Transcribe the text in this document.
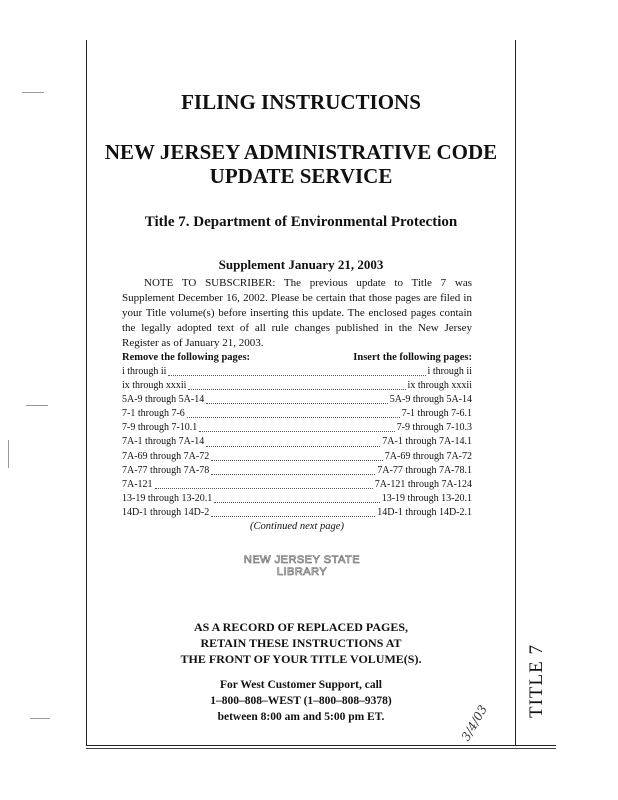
FILING INSTRUCTIONS
NEW JERSEY ADMINISTRATIVE CODE
UPDATE SERVICE
Title 7. Department of Environmental Protection
Supplement January 21, 2003
NOTE TO SUBSCRIBER: The previous update to Title 7 was Supplement December 16, 2002. Please be certain that those pages are filed in your Title volume(s) before inserting this update. The enclosed pages contain the legally adopted text of all rule changes published in the New Jersey Register as of January 21, 2003.
Remove the following pages:	Insert the following pages:
i through ii	i through ii
ix through xxxii	ix through xxxii
5A-9 through 5A-14	5A-9 through 5A-14
7-1 through 7-6	7-1 through 7-6.1
7-9 through 7-10.1	7-9 through 7-10.3
7A-1 through 7A-14	7A-1 through 7A-14.1
7A-69 through 7A-72	7A-69 through 7A-72
7A-77 through 7A-78	7A-77 through 7A-78.1
7A-121	7A-121 through 7A-124
13-19 through 13-20.1	13-19 through 13-20.1
14D-1 through 14D-2	14D-1 through 14D-2.1
(Continued next page)
NEW JERSEY STATE LIBRARY
AS A RECORD OF REPLACED PAGES,
RETAIN THESE INSTRUCTIONS AT
THE FRONT OF YOUR TITLE VOLUME(S).
For West Customer Support, call
1–800–808–WEST (1–800–808–9378)
between 8:00 am and 5:00 pm ET.	TITLE 7
3/4/03
